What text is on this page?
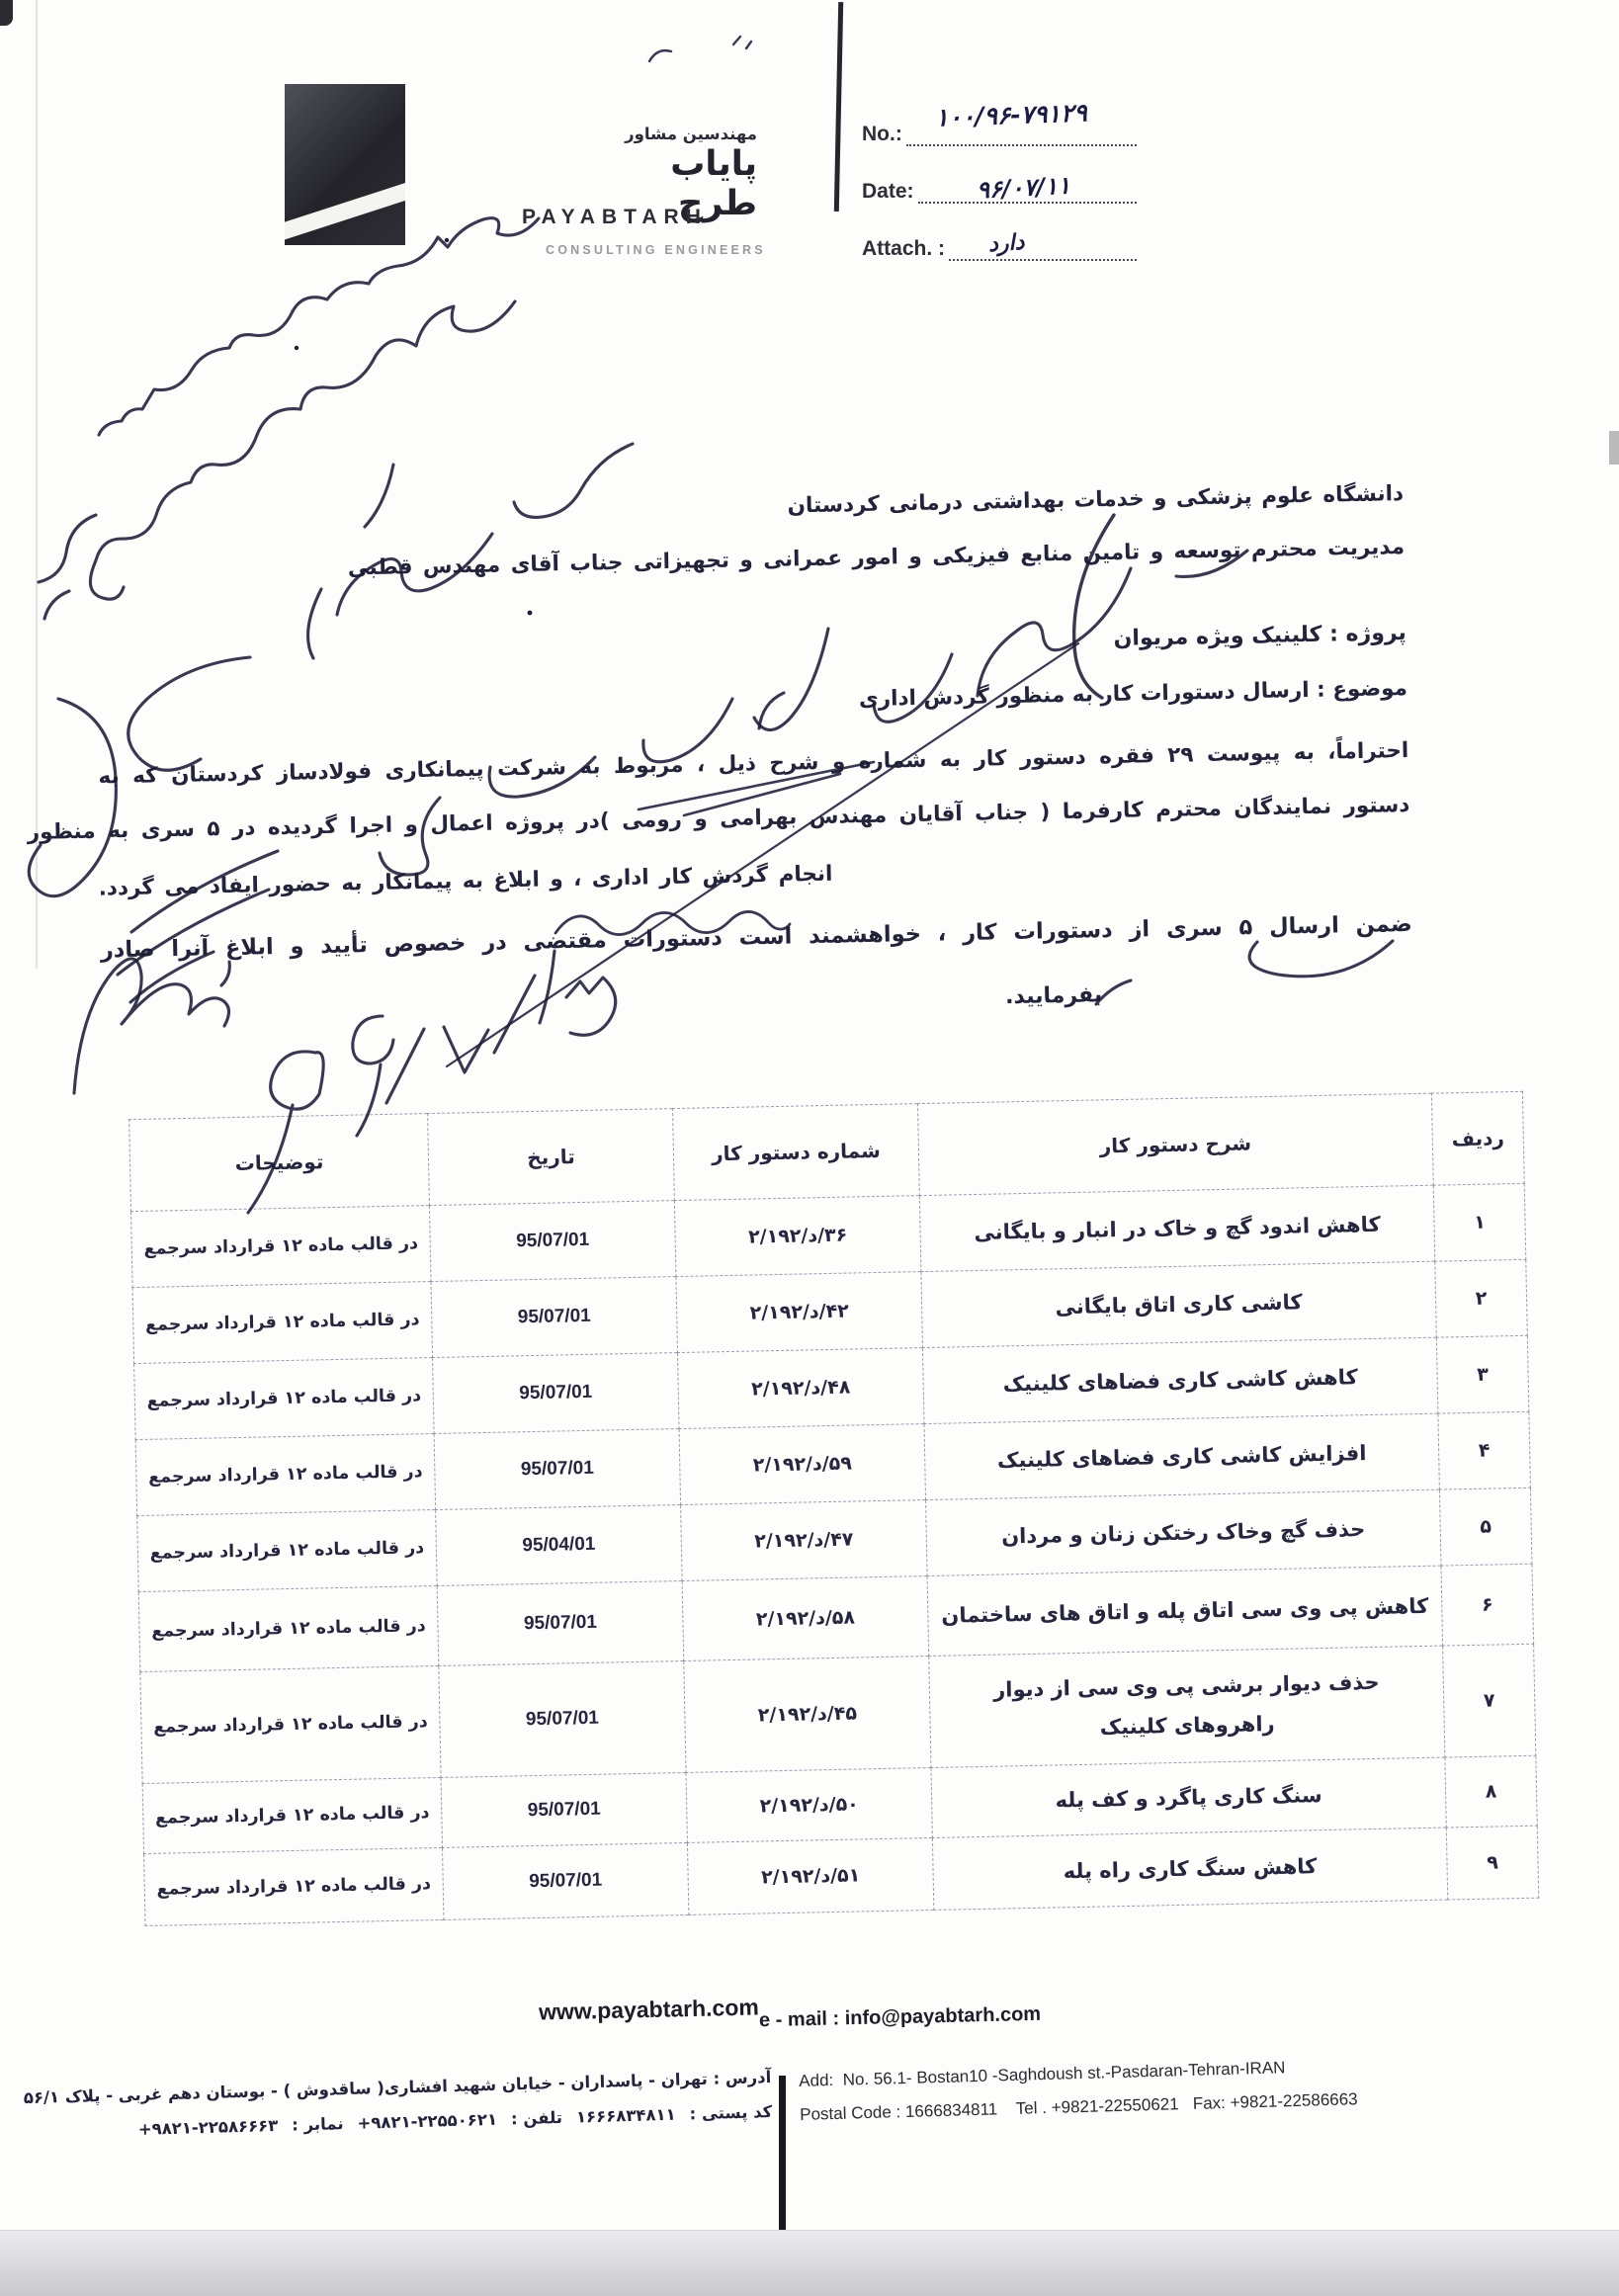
مهندسین مشاور
پایاب طرح
PAYABTARH
CONSULTING ENGINEERS
No.:
Date:
Attach. :
۱۰۰/۹۶-۷۹۱۲۹
۹۶/۰۷/۱۱
دارد
دانشگاه علوم پزشکی و خدمات بهداشتی درمانی کردستان
مدیریت محترم توسعه و تامین منابع فیزیکی و امور عمرانی و تجهیزاتی جناب آقای مهندس قطبی
پروژه : کلینیک ویژه مریوان
موضوع : ارسال دستورات کار به منظور گردش اداری
احتراماً، به پیوست ۲۹ فقره دستور کار به شماره و شرح ذیل ، مربوط به شرکت پیمانکاری فولادساز کردستان که به
دستور نمایندگان محترم کارفرما ( جناب آقایان مهندس بهرامی و رومی )در پروژه اعمال و اجرا گردیده در ۵ سری به منظور
انجام گردش کار اداری ، و ابلاغ به پیمانکار به حضور ایفاد می گردد.
ضمن ارسال ۵ سری از دستورات کار ، خواهشمند است دستورات مقتضی در خصوص تأیید و ابلاغ آنرا صادر
بفرمایید.
ردیف	شرح دستور کار	شماره دستور کار	تاریخ	توضیحات
۱	کاهش اندود گچ و خاک در انبار و بایگانی	۲/۱۹۲/د/۳۶	95/07/01	در قالب ماده ۱۲ قرارداد سرجمع
۲	کاشی کاری اتاق بایگانی	۲/۱۹۲/د/۴۲	95/07/01	در قالب ماده ۱۲ قرارداد سرجمع
۳	کاهش کاشی کاری فضاهای کلینیک	۲/۱۹۲/د/۴۸	95/07/01	در قالب ماده ۱۲ قرارداد سرجمع
۴	افزایش کاشی کاری فضاهای کلینیک	۲/۱۹۲/د/۵۹	95/07/01	در قالب ماده ۱۲ قرارداد سرجمع
۵	حذف گچ وخاک رختکن زنان و مردان	۲/۱۹۲/د/۴۷	95/04/01	در قالب ماده ۱۲ قرارداد سرجمع
۶	کاهش پی وی سی اتاق پله و اتاق های ساختمان	۲/۱۹۲/د/۵۸	95/07/01	در قالب ماده ۱۲ قرارداد سرجمع
۷	حذف دیوار برشی پی وی سی از دیوار راهروهای کلینیک	۲/۱۹۲/د/۴۵	95/07/01	در قالب ماده ۱۲ قرارداد سرجمع
۸	سنگ کاری پاگرد و کف پله	۲/۱۹۲/د/۵۰	95/07/01	در قالب ماده ۱۲ قرارداد سرجمع
۹	کاهش سنگ کاری راه پله	۲/۱۹۲/د/۵۱	95/07/01	در قالب ماده ۱۲ قرارداد سرجمع
www.payabtarh.com e - mail : info@payabtarh.com
آدرس : تهران - پاسداران - خیابان شهید افشاری( ساقدوش ) - بوستان دهم غربی - پلاک ۵۶/۱
کد پستی :
۱۶۶۶۸۳۴۸۱۱
تلفن :
+۹۸۲۱-۲۲۵۵۰۶۲۱
نمابر :
+۹۸۲۱-۲۲۵۸۶۶۶۳
Add:  No. 56.1- Bostan10 -Saghdoush st.-Pasdaran-Tehran-IRAN
Postal Code : 1666834811    Tel . +9821-22550621   Fax: +9821-22586663
